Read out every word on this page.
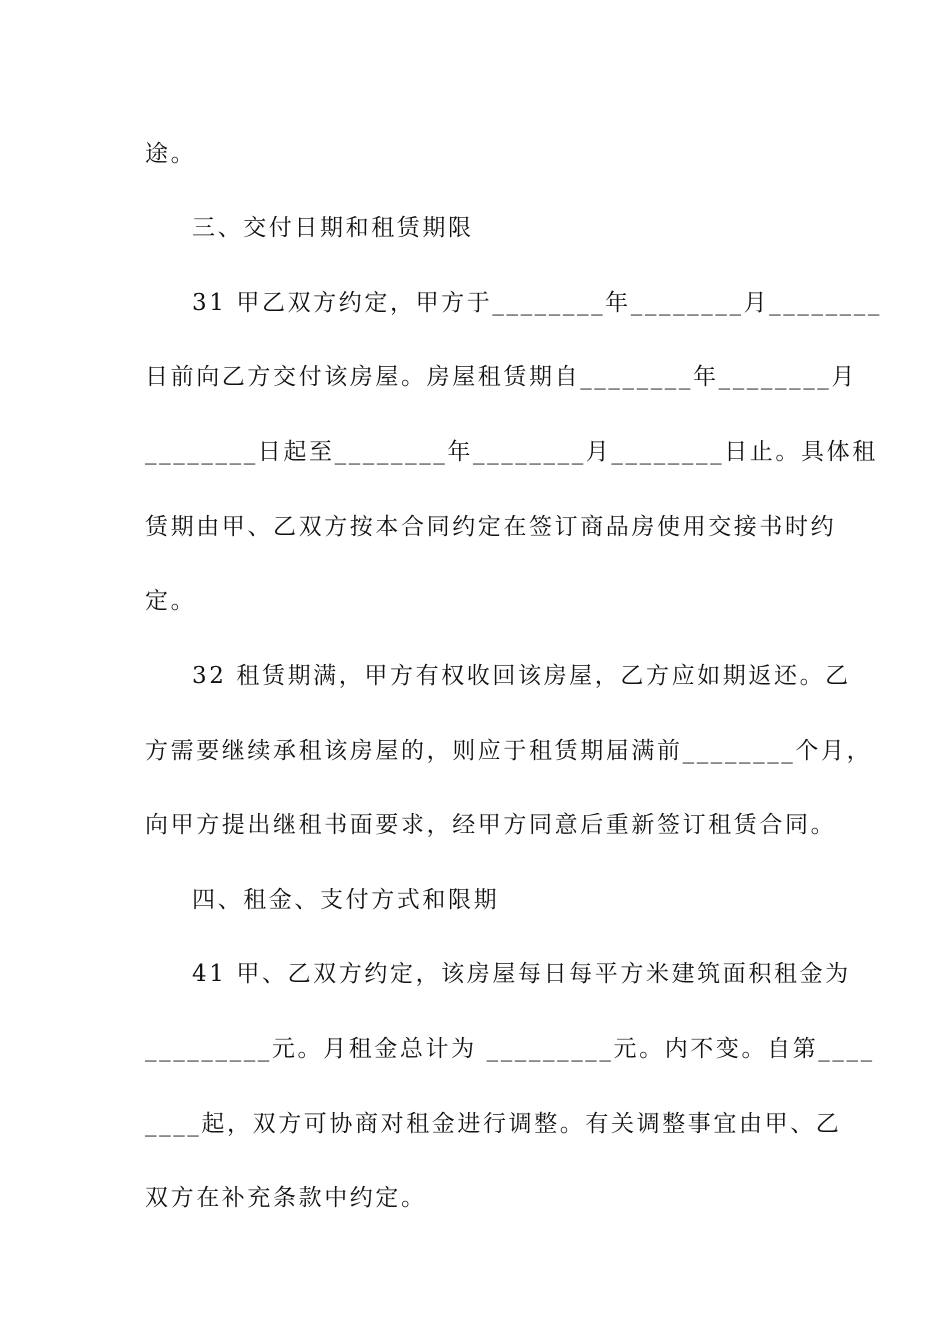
途。
三、交付日期和租赁期限
31 甲乙双方约定，甲方于________年________月________
日前向乙方交付该房屋。房屋租赁期自________年________月
________日起至________年________月________日止。具体租
赁期由甲、乙双方按本合同约定在签订商品房使用交接书时约
定。
32 租赁期满，甲方有权收回该房屋，乙方应如期返还。乙
方需要继续承租该房屋的，则应于租赁期届满前________个月，
向甲方提出继租书面要求，经甲方同意后重新签订租赁合同。
四、租金、支付方式和限期
41 甲、乙双方约定，该房屋每日每平方米建筑面积租金为
_________元。月租金总计为 _________元。内不变。自第____
____起，双方可协商对租金进行调整。有关调整事宜由甲、乙
双方在补充条款中约定。
